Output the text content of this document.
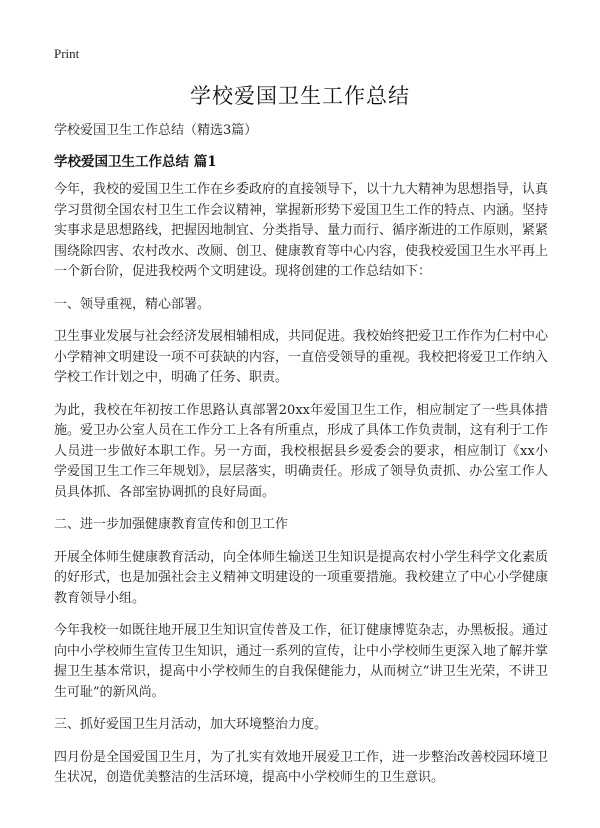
Print
学校爱国卫生工作总结

学校爱国卫生工作总结（精选3篇）

学校爱国卫生工作总结 篇1

今年，我校的爱国卫生工作在乡委政府的直接领导下，以十九大精神为思想指导，认真学习贯彻全国农村卫生工作会议精神，掌握新形势下爱国卫生工作的特点、内涵。坚持实事求是思想路线，把握因地制宜、分类指导、量力而行、循序渐进的工作原则，紧紧围绕除四害、农村改水、改厕、创卫、健康教育等中心内容，使我校爱国卫生水平再上一个新台阶，促进我校两个文明建设。现将创建的工作总结如下：

一、领导重视，精心部署。

卫生事业发展与社会经济发展相辅相成，共同促进。我校始终把爱卫工作作为仁村中心小学精神文明建设一项不可获缺的内容，一直倍受领导的重视。我校把将爱卫工作纳入学校工作计划之中，明确了任务、职责。

为此，我校在年初按工作思路认真部署20xx年爱国卫生工作，相应制定了一些具体措施。爱卫办公室人员在工作分工上各有所重点，形成了具体工作负责制，这有利于工作人员进一步做好本职工作。另一方面，我校根据县乡爱委会的要求，相应制订《xx小学爱国卫生工作三年规划》，层层落实，明确责任。形成了领导负责抓、办公室工作人员具体抓、各部室协调抓的良好局面。

二、进一步加强健康教育宣传和创卫工作

开展全体师生健康教育活动，向全体师生输送卫生知识是提高农村小学生科学文化素质的好形式，也是加强社会主义精神文明建设的一项重要措施。我校建立了中心小学健康教育领导小组。

今年我校一如既往地开展卫生知识宣传普及工作，征订健康博览杂志，办黑板报。通过向中小学校师生宣传卫生知识，通过一系列的宣传，让中小学校师生更深入地了解并掌握卫生基本常识，提高中小学校师生的自我保健能力，从而树立“讲卫生光荣，不讲卫生可耻”的新风尚。

三、抓好爱国卫生月活动，加大环境整治力度。

四月份是全国爱国卫生月，为了扎实有效地开展爱卫工作，进一步整治改善校园环境卫生状况，创造优美整洁的生活环境，提高中小学校师生的卫生意识。
